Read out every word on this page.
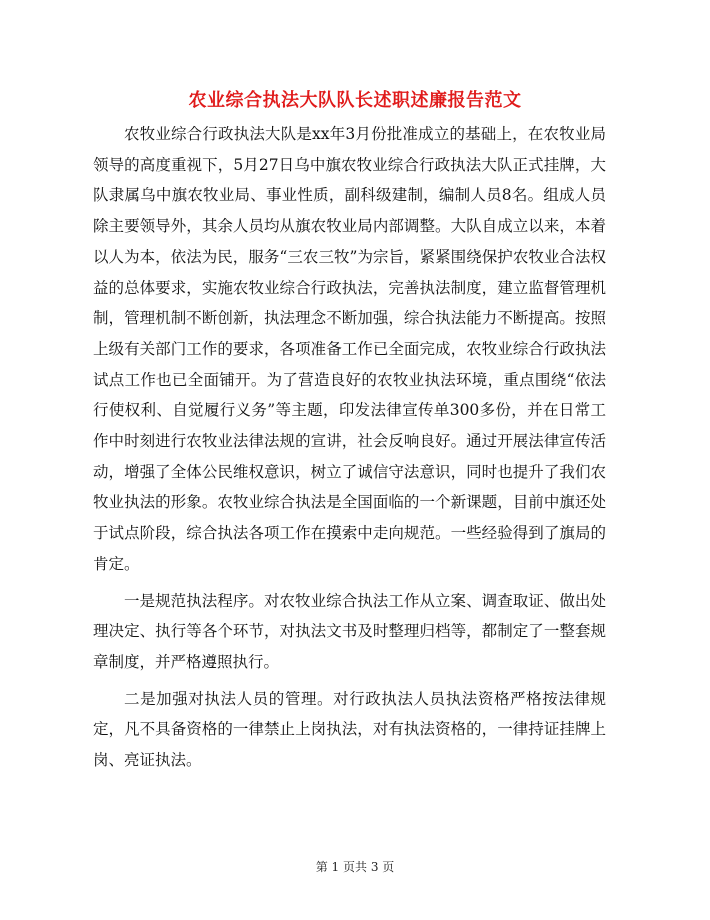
农业综合执法大队队长述职述廉报告范文

农牧业综合行政执法大队是xx年3月份批准成立的基础上，在农牧业局领导的高度重视下，5月27日乌中旗农牧业综合行政执法大队正式挂牌，大队隶属乌中旗农牧业局、事业性质，副科级建制，编制人员8名。组成人员除主要领导外，其余人员均从旗农牧业局内部调整。大队自成立以来，本着以人为本，依法为民，服务“三农三牧”为宗旨，紧紧围绕保护农牧业合法权益的总体要求，实施农牧业综合行政执法，完善执法制度，建立监督管理机制，管理机制不断创新，执法理念不断加强，综合执法能力不断提高。按照上级有关部门工作的要求，各项准备工作已全面完成，农牧业综合行政执法试点工作也已全面铺开。为了营造良好的农牧业执法环境，重点围绕“依法行使权利、自觉履行义务”等主题，印发法律宣传单300多份，并在日常工作中时刻进行农牧业法律法规的宣讲，社会反响良好。通过开展法律宣传活动，增强了全体公民维权意识，树立了诚信守法意识，同时也提升了我们农牧业执法的形象。农牧业综合执法是全国面临的一个新课题，目前中旗还处于试点阶段，综合执法各项工作在摸索中走向规范。一些经验得到了旗局的肯定。

一是规范执法程序。对农牧业综合执法工作从立案、调查取证、做出处理决定、执行等各个环节，对执法文书及时整理归档等，都制定了一整套规章制度，并严格遵照执行。

二是加强对执法人员的管理。对行政执法人员执法资格严格按法律规定，凡不具备资格的一律禁止上岗执法，对有执法资格的，一律持证挂牌上岗、亮证执法。

第 1 页共 3 页
